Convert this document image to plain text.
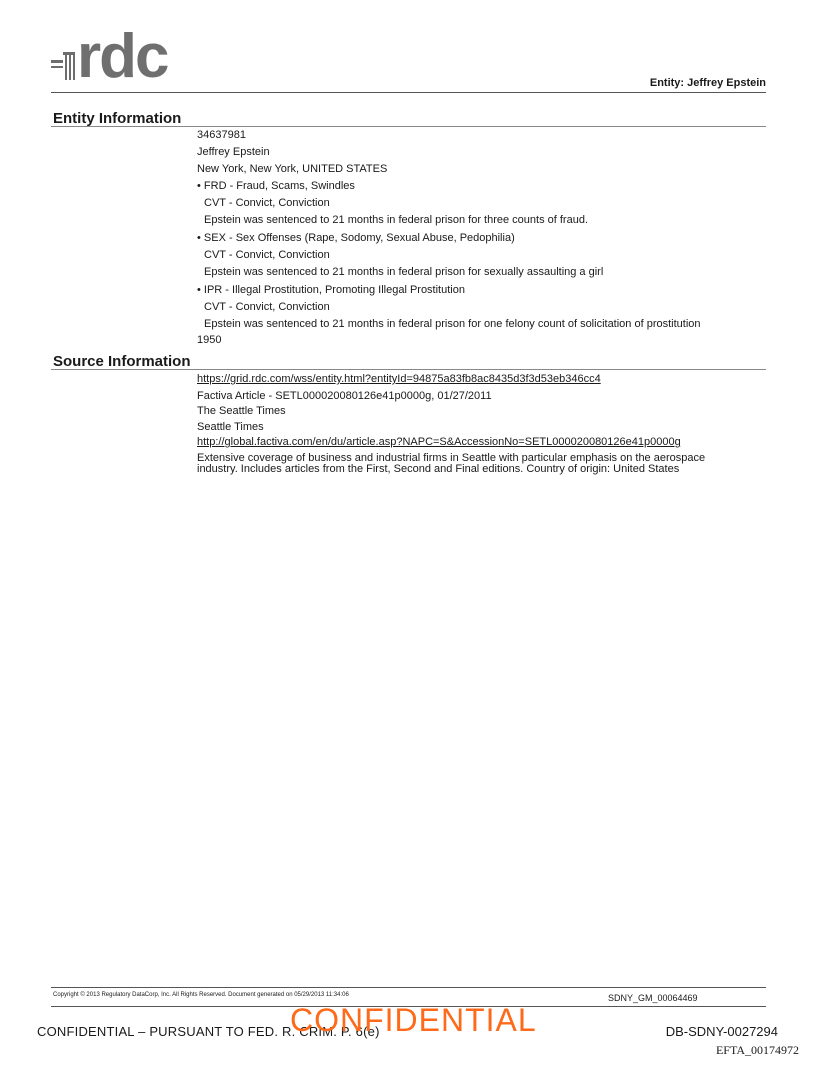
rdc	Entity: Jeffrey Epstein
Entity Information
34637981
Jeffrey Epstein
New York, New York, UNITED STATES
• FRD - Fraud, Scams, Swindles
CVT - Convict, Conviction
Epstein was sentenced to 21 months in federal prison for three counts of fraud.
• SEX - Sex Offenses (Rape, Sodomy, Sexual Abuse, Pedophilia)
CVT - Convict, Conviction
Epstein was sentenced to 21 months in federal prison for sexually assaulting a girl
• IPR - Illegal Prostitution, Promoting Illegal Prostitution
CVT - Convict, Conviction
Epstein was sentenced to 21 months in federal prison for one felony count of solicitation of prostitution
1950
Source Information
https://grid.rdc.com/wss/entity.html?entityId=94875a83fb8ac8435d3f3d53eb346cc4
Factiva Article - SETL000020080126e41p0000g, 01/27/2011
The Seattle Times
Seattle Times
http://global.factiva.com/en/du/article.asp?NAPC=S&AccessionNo=SETL000020080126e41p0000g
Extensive coverage of business and industrial firms in Seattle with particular emphasis on the aerospace industry. Includes articles from the First, Second and Final editions. Country of origin: United States
Copyright © 2013 Regulatory DataCorp, Inc. All Rights Reserved. Document generated on 05/29/2013 11:34:06	SDNY_GM_00064469
CONFIDENTIAL – PURSUANT TO FED. R. CRIM. P. 6(e)
CONFIDENTIAL	DB-SDNY-0027294
EFTA_00174972
